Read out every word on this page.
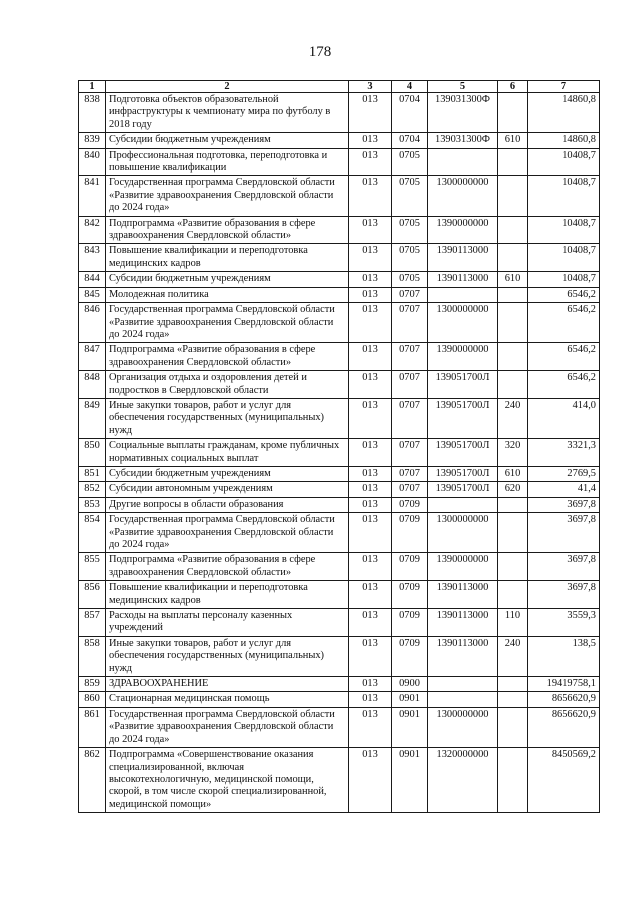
178
1	2	3	4	5	6	7
838	Подготовка объектов образовательной инфраструктуры к чемпионату мира по футболу в 2018 году	013	0704	139031300Ф		14860,8

839	Субсидии бюджетным учреждениям	013	0704	139031300Ф	610	14860,8

840	Профессиональная подготовка, переподготовка и повышение квалификации	013	0705			10408,7

841	Государственная программа Свердловской области «Развитие здравоохранения Свердловской области до 2024 года»	013	0705	1300000000		10408,7

842	Подпрограмма «Развитие образования в сфере здравоохранения Свердловской области»	013	0705	1390000000		10408,7

843	Повышение квалификации и переподготовка медицинских кадров	013	0705	1390113000		10408,7

844	Субсидии бюджетным учреждениям	013	0705	1390113000	610	10408,7

845	Молодежная политика	013	0707			6546,2

846	Государственная программа Свердловской области «Развитие здравоохранения Свердловской области до 2024 года»	013	0707	1300000000		6546,2

847	Подпрограмма «Развитие образования в сфере здравоохранения Свердловской области»	013	0707	1390000000		6546,2

848	Организация отдыха и оздоровления детей и подростков в Свердловской области	013	0707	139051700Л		6546,2

849	Иные закупки товаров, работ и услуг для обеспечения государственных (муниципальных) нужд	013	0707	139051700Л	240	414,0

850	Социальные выплаты гражданам, кроме публичных нормативных социальных выплат	013	0707	139051700Л	320	3321,3

851	Субсидии бюджетным учреждениям	013	0707	139051700Л	610	2769,5

852	Субсидии автономным учреждениям	013	0707	139051700Л	620	41,4

853	Другие вопросы в области образования	013	0709			3697,8

854	Государственная программа Свердловской области «Развитие здравоохранения Свердловской области до 2024 года»	013	0709	1300000000		3697,8

855	Подпрограмма «Развитие образования в сфере здравоохранения Свердловской области»	013	0709	1390000000		3697,8

856	Повышение квалификации и переподготовка медицинских кадров	013	0709	1390113000		3697,8

857	Расходы на выплаты персоналу казенных учреждений	013	0709	1390113000	110	3559,3

858	Иные закупки товаров, работ и услуг для обеспечения государственных (муниципальных) нужд	013	0709	1390113000	240	138,5

859	ЗДРАВООХРАНЕНИЕ	013	0900			19419758,1

860	Стационарная медицинская помощь	013	0901			8656620,9

861	Государственная программа Свердловской области «Развитие здравоохранения Свердловской области до 2024 года»	013	0901	1300000000		8656620,9

862	Подпрограмма «Совершенствование оказания специализированной, включая высокотехнологичную, медицинской помощи, скорой, в том числе скорой специализированной, медицинской помощи»	013	0901	1320000000		8450569,2
